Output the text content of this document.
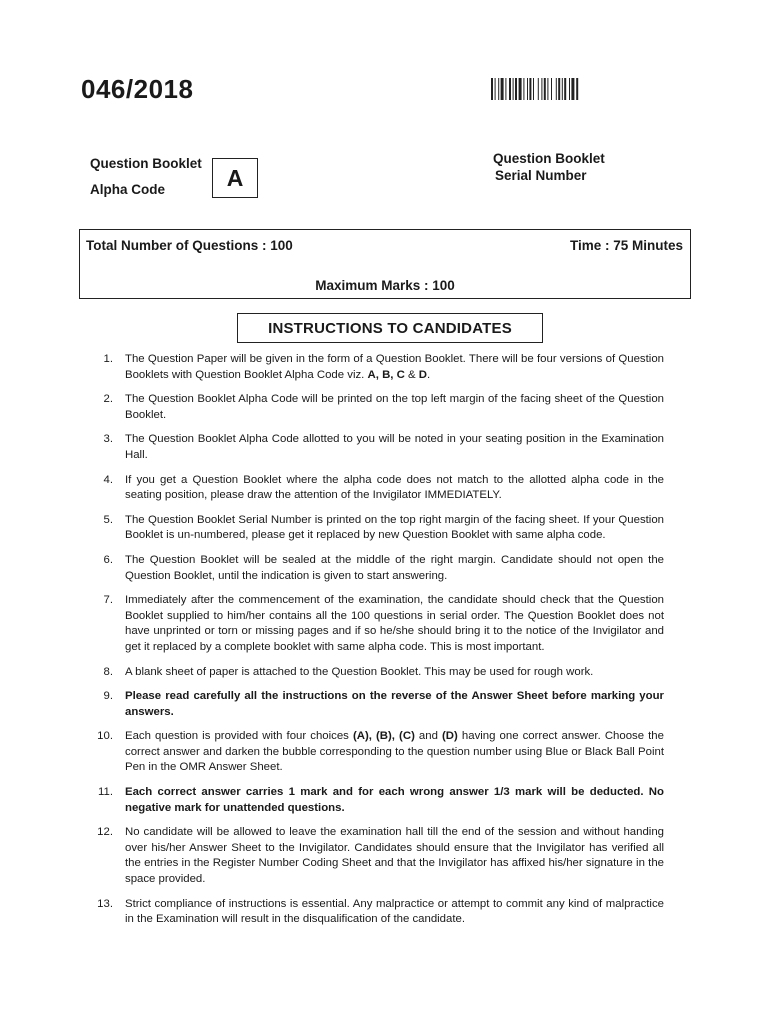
046/2018
Question Booklet
Alpha Code	A
Question Booklet
Serial Number
Total Number of Questions : 100	Time : 75 Minutes
Maximum Marks : 100
INSTRUCTIONS TO CANDIDATES
1. The Question Paper will be given in the form of a Question Booklet. There will be four versions of Question Booklets with Question Booklet Alpha Code viz. A, B, C & D.
2. The Question Booklet Alpha Code will be printed on the top left margin of the facing sheet of the Question Booklet.
3. The Question Booklet Alpha Code allotted to you will be noted in your seating position in the Examination Hall.
4. If you get a Question Booklet where the alpha code does not match to the allotted alpha code in the seating position, please draw the attention of the Invigilator IMMEDIATELY.
5. The Question Booklet Serial Number is printed on the top right margin of the facing sheet. If your Question Booklet is un-numbered, please get it replaced by new Question Booklet with same alpha code.
6. The Question Booklet will be sealed at the middle of the right margin. Candidate should not open the Question Booklet, until the indication is given to start answering.
7. Immediately after the commencement of the examination, the candidate should check that the Question Booklet supplied to him/her contains all the 100 questions in serial order. The Question Booklet does not have unprinted or torn or missing pages and if so he/she should bring it to the notice of the Invigilator and get it replaced by a complete booklet with same alpha code. This is most important.
8. A blank sheet of paper is attached to the Question Booklet. This may be used for rough work.
9. Please read carefully all the instructions on the reverse of the Answer Sheet before marking your answers.
10. Each question is provided with four choices (A), (B), (C) and (D) having one correct answer. Choose the correct answer and darken the bubble corresponding to the question number using Blue or Black Ball Point Pen in the OMR Answer Sheet.
11. Each correct answer carries 1 mark and for each wrong answer 1/3 mark will be deducted. No negative mark for unattended questions.
12. No candidate will be allowed to leave the examination hall till the end of the session and without handing over his/her Answer Sheet to the Invigilator. Candidates should ensure that the Invigilator has verified all the entries in the Register Number Coding Sheet and that the Invigilator has affixed his/her signature in the space provided.
13. Strict compliance of instructions is essential. Any malpractice or attempt to commit any kind of malpractice in the Examination will result in the disqualification of the candidate.
